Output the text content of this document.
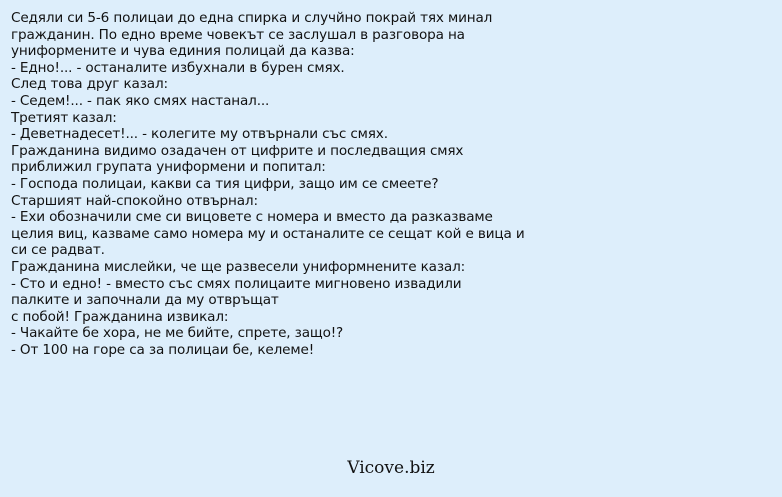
Седяли си 5-6 полицаи до една спирка и случйно покрай тях минал
гражданин. По едно време човекът се заслушал в разговора на
униформените и чува единия полицай да казва:
- Едно!... - останалите избухнали в бурен смях.
След това друг казал:
- Седем!... - пак яко смях настанал...
Третият казал:
- Деветнадесет!... - колегите му отвърнали със смях.
Гражданина видимо озадачен от цифрите и последващия смях
приближил групата униформени и попитал:
- Господа полицаи, какви са тия цифри, защо им се смеете?
Старшият най-спокойно отвърнал:
- Ехи обозначили сме си вицовете с номера и вместо да разказваме
целия виц, казваме само номера му и останалите се сещат кой е вица и
си се радват.
Гражданина мислейки, че ще развесели униформнените казал:
- Сто и едно! - вместо със смях полицаите мигновено извадили
палките и започнали да му отвръщат
с побой! Гражданина извикал:
- Чакайте бе хора, не ме бийте, спрете, защо!?
- От 100 на горе са за полицаи бе, келеме!
Vicove.biz
